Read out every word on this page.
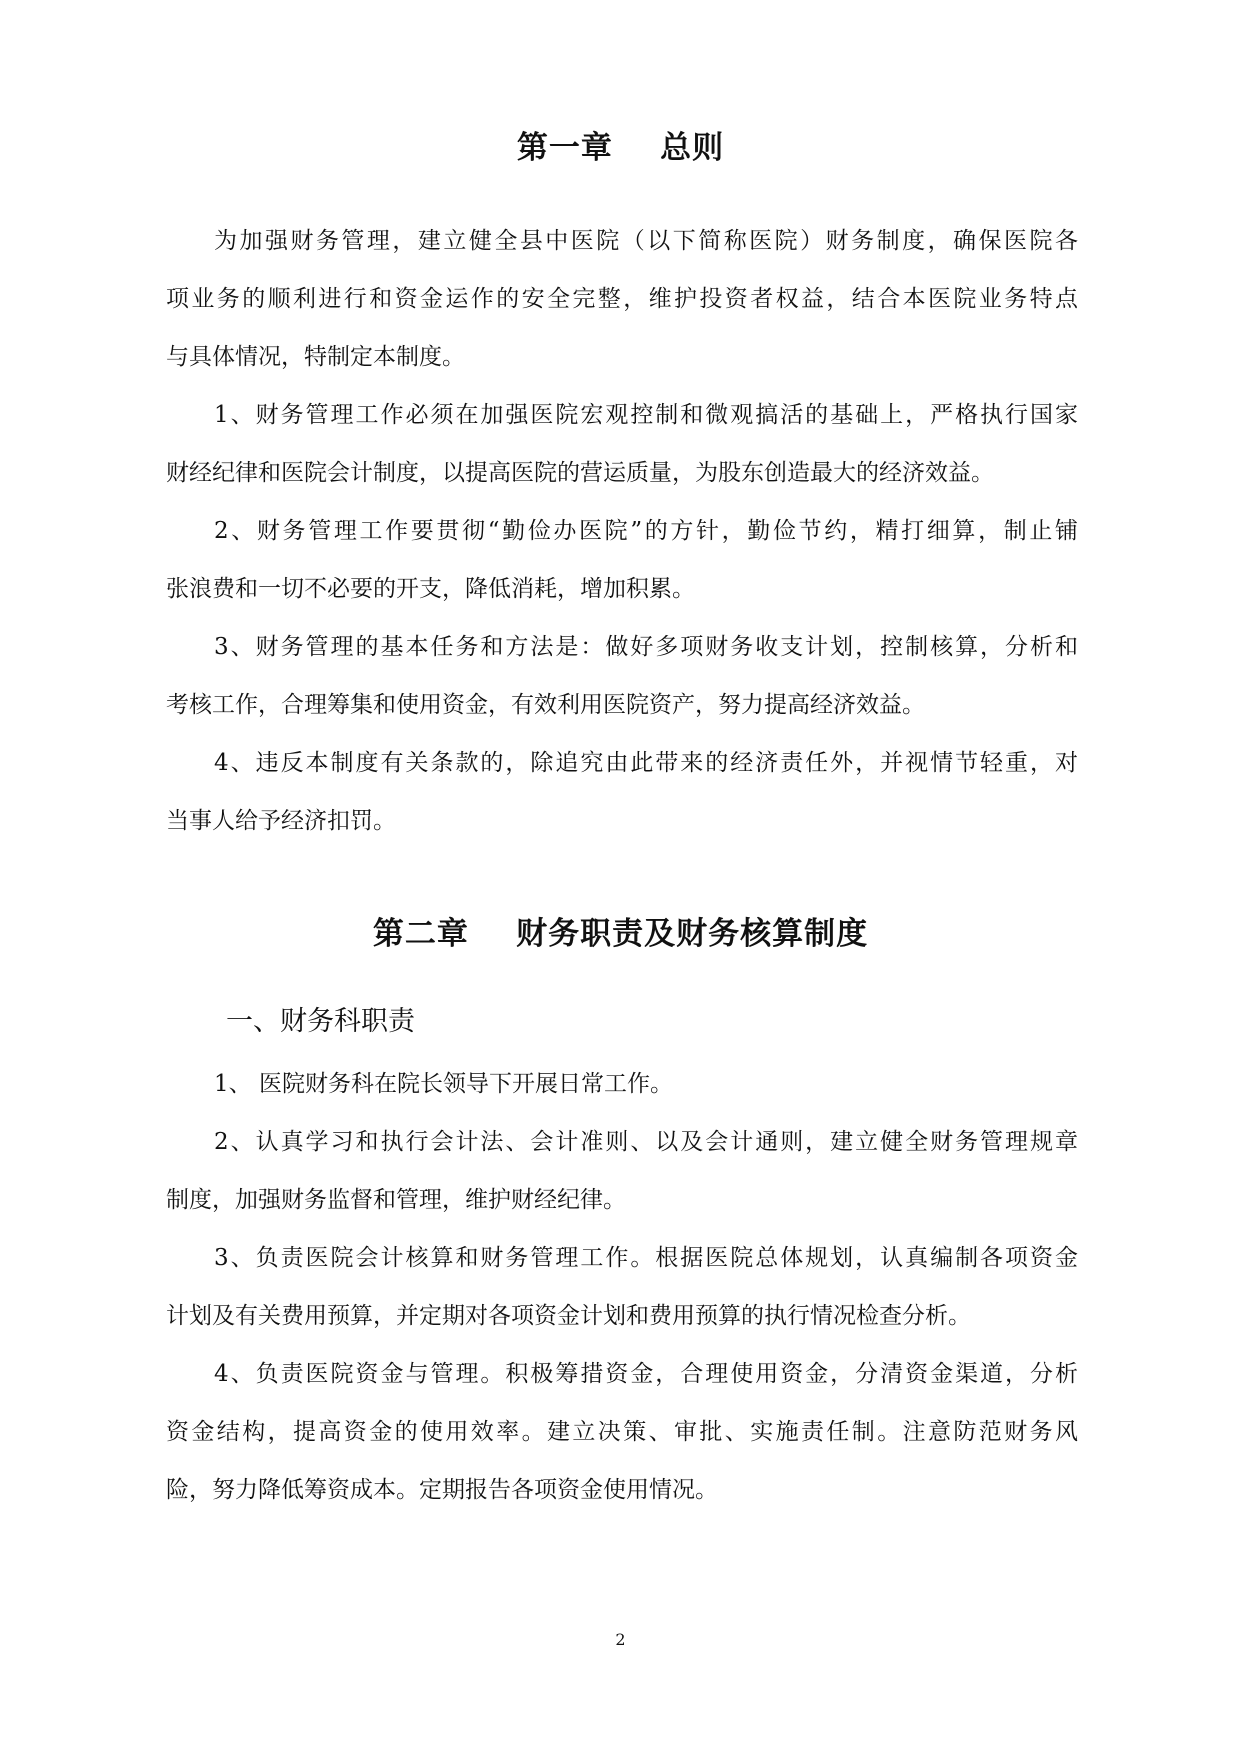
第一章    总则
为加强财务管理，建立健全县中医院（以下简称医院）财务制度，确保医院各
项业务的顺利进行和资金运作的安全完整，维护投资者权益，结合本医院业务特点
与具体情况，特制定本制度。
1、财务管理工作必须在加强医院宏观控制和微观搞活的基础上，严格执行国家
财经纪律和医院会计制度，以提高医院的营运质量，为股东创造最大的经济效益。
2、财务管理工作要贯彻“勤俭办医院”的方针，勤俭节约，精打细算，制止铺
张浪费和一切不必要的开支，降低消耗，增加积累。
3、财务管理的基本任务和方法是：做好多项财务收支计划，控制核算，分析和
考核工作，合理筹集和使用资金，有效利用医院资产，努力提高经济效益。
4、违反本制度有关条款的，除追究由此带来的经济责任外，并视情节轻重，对
当事人给予经济扣罚。
第二章    财务职责及财务核算制度
一、财务科职责
1、 医院财务科在院长领导下开展日常工作。
2、认真学习和执行会计法、会计准则、以及会计通则，建立健全财务管理规章
制度，加强财务监督和管理，维护财经纪律。
3、负责医院会计核算和财务管理工作。根据医院总体规划，认真编制各项资金
计划及有关费用预算，并定期对各项资金计划和费用预算的执行情况检查分析。
4、负责医院资金与管理。积极筹措资金，合理使用资金，分清资金渠道，分析
资金结构，提高资金的使用效率。建立决策、审批、实施责任制。注意防范财务风
险，努力降低筹资成本。定期报告各项资金使用情况。
2
